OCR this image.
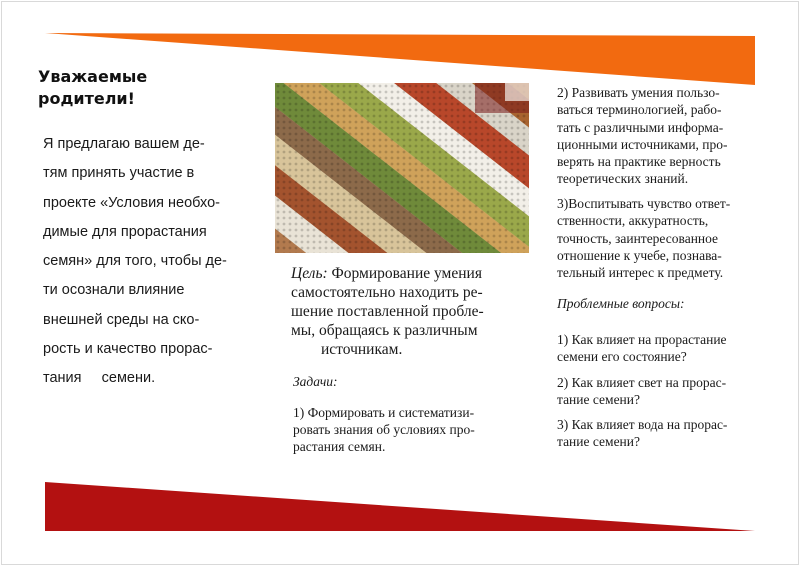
Уважаемые
родители!
Я предлагаю вашем де-
тям принять участие в
проекте «Условия необхо-
димые для прорастания
семян» для того, чтобы де-
ти осознали влияние
внешней среды на ско-
рость и качество прорас-
тания     семени.
Цель: Формирование умения
самостоятельно находить ре-
шение поставленной пробле-
мы, обращаясь к различным
источникам.
Задачи:
1) Формировать и систематизи-
ровать знания об условиях про-
растания семян.
2) Развивать умения пользо-
ваться терминологией, рабо-
тать с различными информа-
ционными источниками, про-
верять на практике верность
теоретических знаний.
3)Воспитывать чувство ответ-
ственности, аккуратность,
точность, заинтересованное
отношение к учебе, познава-
тельный интерес к предмету.
Проблемные вопросы:
1) Как влияет на прорастание
семени его состояние?
2) Как влияет свет на прорас-
тание семени?
3) Как влияет вода на прорас-
тание семени?
